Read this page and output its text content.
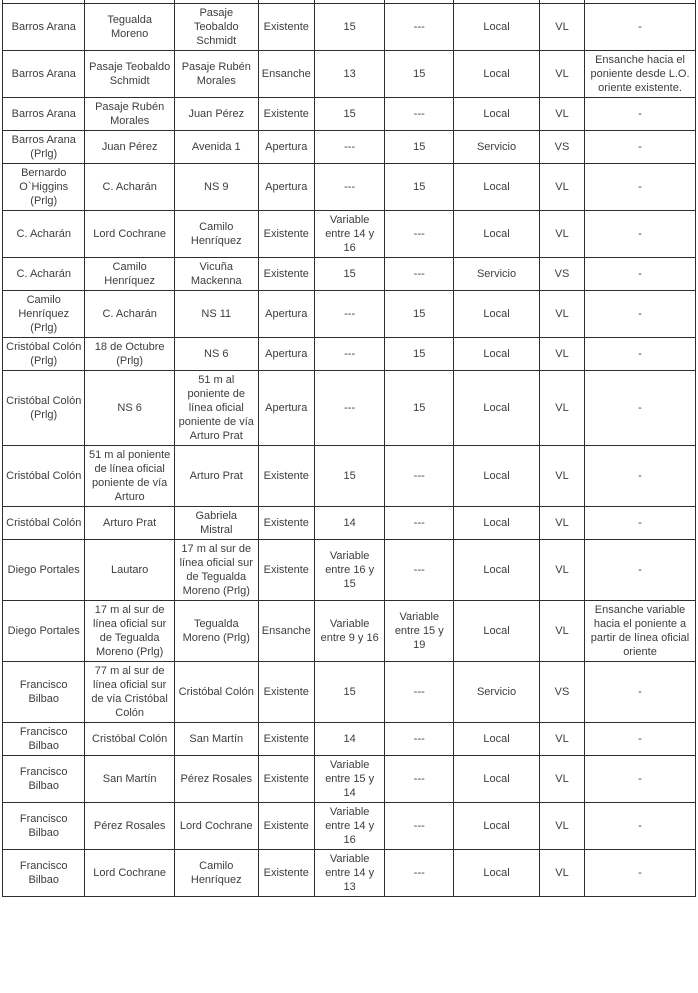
Barros Arana	Tegualda Moreno	Pasaje Teobaldo Schmidt	Existente	15	---	Local	VL	-
Barros Arana	Pasaje Teobaldo Schmidt	Pasaje Rubén Morales	Ensanche	13	15	Local	VL	Ensanche hacia el poniente desde L.O. oriente existente.
Barros Arana	Pasaje Rubén Morales	Juan Pérez	Existente	15	---	Local	VL	-
Barros Arana (Prlg)	Juan Pérez	Avenida 1	Apertura	---	15	Servicio	VS	-
Bernardo O`Higgins (Prlg)	C. Acharán	NS 9	Apertura	---	15	Local	VL	-
C. Acharán	Lord Cochrane	Camilo Henríquez	Existente	Variable entre 14 y 16	---	Local	VL	-
C. Acharán	Camilo Henríquez	Vicuña Mackenna	Existente	15	---	Servicio	VS	-
Camilo Henríquez (Prlg)	C. Acharán	NS 11	Apertura	---	15	Local	VL	-
Cristóbal Colón (Prlg)	18 de Octubre (Prlg)	NS 6	Apertura	---	15	Local	VL	-
Cristóbal Colón (Prlg)	NS 6	51 m al poniente de línea oficial poniente de vía Arturo Prat	Apertura	---	15	Local	VL	-
Cristóbal Colón	51 m al poniente de línea oficial poniente de vía Arturo	Arturo Prat	Existente	15	---	Local	VL	-
Cristóbal Colón	Arturo Prat	Gabriela Mistral	Existente	14	---	Local	VL	-
Diego Portales	Lautaro	17 m al sur de línea oficial sur de Tegualda Moreno (Prlg)	Existente	Variable entre 16 y 15	---	Local	VL	-
Diego Portales	17 m al sur de línea oficial sur de Tegualda Moreno (Prlg)	Tegualda Moreno (Prlg)	Ensanche	Variable entre 9 y 16	Variable entre 15 y 19	Local	VL	Ensanche variable hacia el poniente a partir de línea oficial oriente
Francisco Bilbao	77 m al sur de línea oficial sur de vía Cristóbal Colón	Cristóbal Colón	Existente	15	---	Servicio	VS	-
Francisco Bilbao	Cristóbal Colón	San Martín	Existente	14	---	Local	VL	-
Francisco Bilbao	San Martín	Pérez Rosales	Existente	Variable entre 15 y 14	---	Local	VL	-
Francisco Bilbao	Pérez Rosales	Lord Cochrane	Existente	Variable entre 14 y 16	---	Local	VL	-
Francisco Bilbao	Lord Cochrane	Camilo Henríquez	Existente	Variable entre 14 y 13	---	Local	VL	-
